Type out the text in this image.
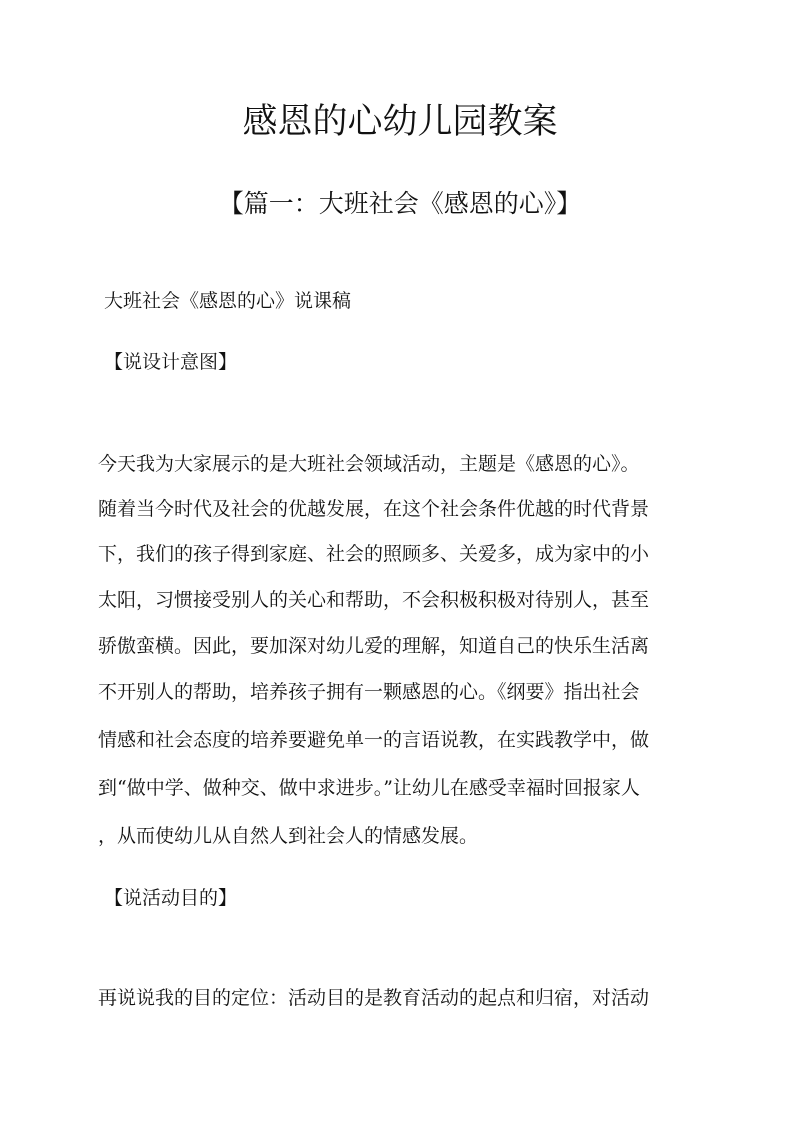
感恩的心幼儿园教案
【篇一：大班社会《感恩的心》】

大班社会《感恩的心》说课稿

【说设计意图】

今天我为大家展示的是大班社会领域活动，主题是《感恩的心》。

随着当今时代及社会的优越发展，在这个社会条件优越的时代背景

下，我们的孩子得到家庭、社会的照顾多、关爱多，成为家中的小

太阳，习惯接受别人的关心和帮助，不会积极积极对待别人，甚至

骄傲蛮横。因此，要加深对幼儿爱的理解，知道自己的快乐生活离

不开别人的帮助，培养孩子拥有一颗感恩的心。《纲要》指出社会

情感和社会态度的培养要避免单一的言语说教，在实践教学中，做

到“做中学、做种交、做中求进步。”让幼儿在感受幸福时回报家人

，从而使幼儿从自然人到社会人的情感发展。

【说活动目的】

再说说我的目的定位：活动目的是教育活动的起点和归宿，对活动
